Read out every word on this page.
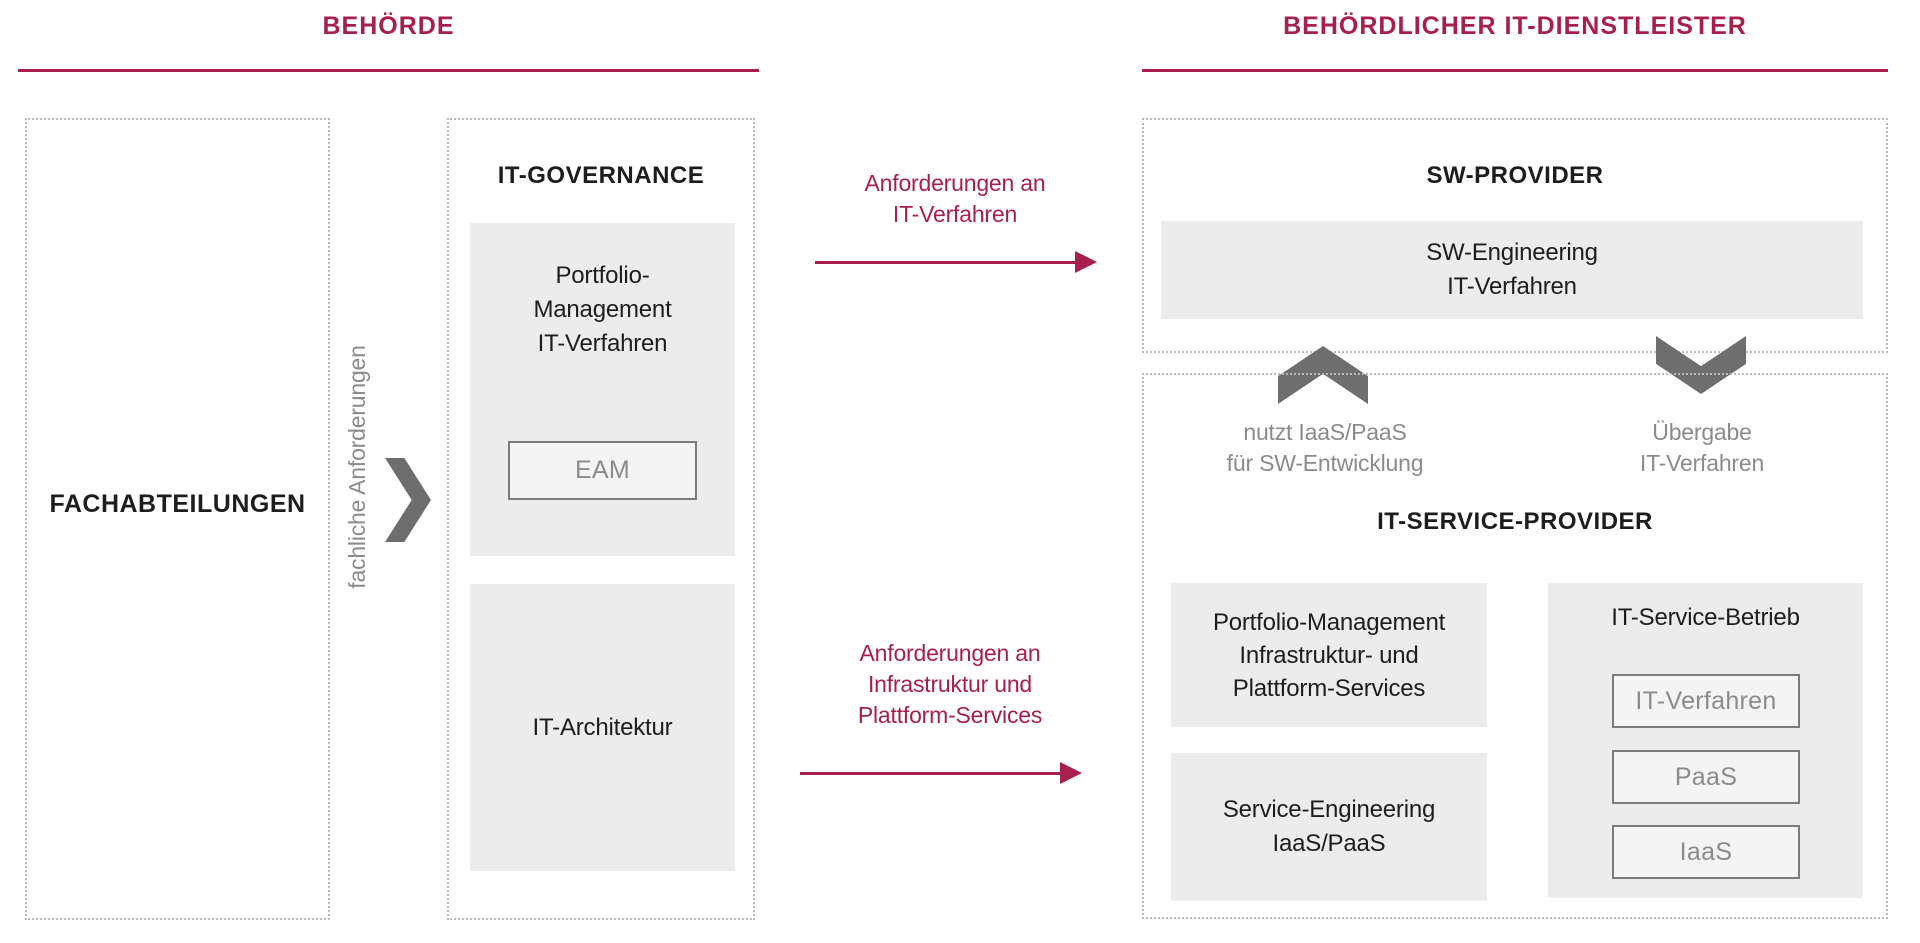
BEHÖRDE	BEHÖRDLICHER IT-DIENSTLEISTER
FACHABTEILUNGEN fachliche Anforderungen
IT-GOVERNANCE
Portfolio-
Management
IT-Verfahren
EAM
IT-Architektur
Anforderungen an
IT-Verfahren
Anforderungen an
Infrastruktur und
Plattform-Services
SW-PROVIDER
SW-Engineering
IT-Verfahren
nutzt IaaS/PaaS
für SW-Entwicklung
Übergabe
IT-Verfahren
IT-SERVICE-PROVIDER
Portfolio-Management
Infrastruktur- und
Plattform-Services
Service-Engineering
IaaS/PaaS
IT-Service-Betrieb
IT-Verfahren
PaaS
IaaS
